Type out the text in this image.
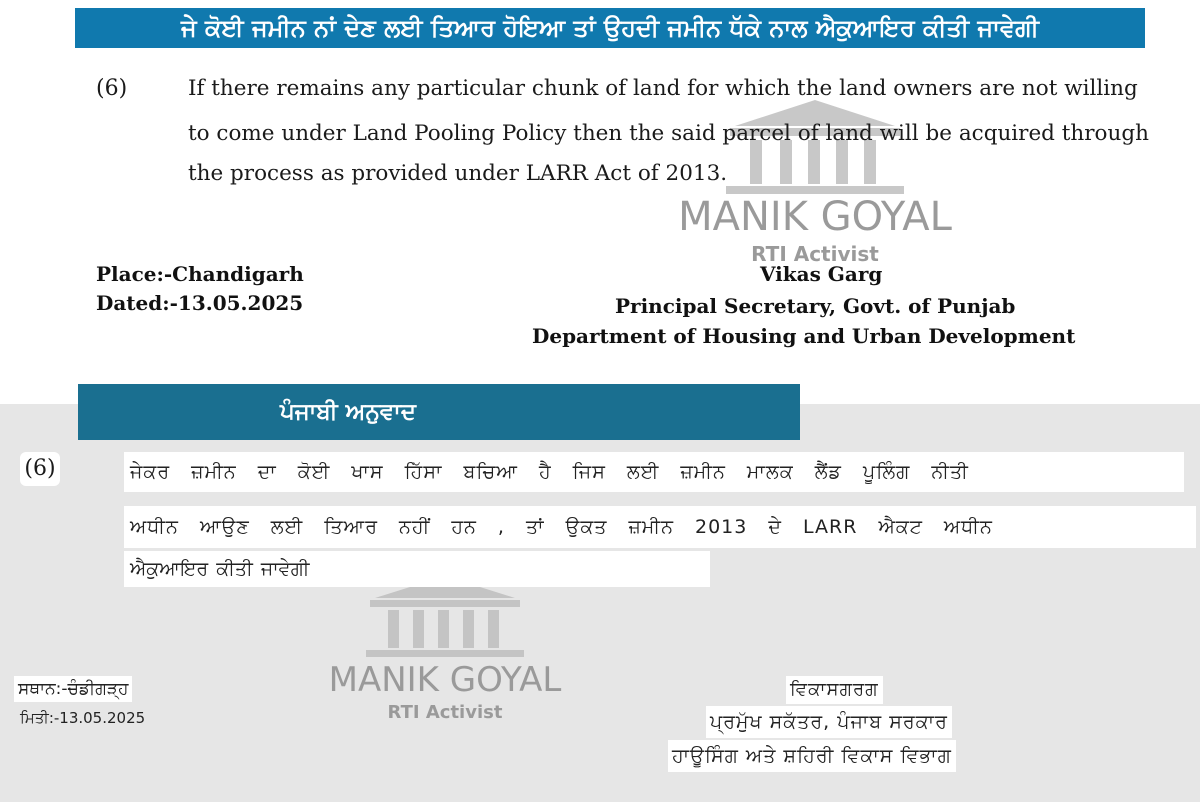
MANIK GOYAL
RTI Activist
MANIK GOYAL
RTI Activist
ਜੇ ਕੋਈ ਜਮੀਨ ਨਾਂ ਦੇਣ ਲਈ ਤਿਆਰ ਹੋਇਆ ਤਾਂ ਉਹਦੀ ਜਮੀਨ ਧੱਕੇ ਨਾਲ ਐਕੁਆਇਰ ਕੀਤੀ ਜਾਵੇਗੀ
(6)	If there remains any particular chunk of land for which the land owners are not willing
to come under Land Pooling Policy then the said parcel of land will be acquired through
the process as provided under LARR Act of 2013.
Place:-Chandigarh
Dated:-13.05.2025
Vikas Garg
Principal Secretary, Govt. of Punjab
Department of Housing and Urban Development
ਪੰਜਾਬੀ ਅਨੁਵਾਦ
(6)	ਜੇਕਰ ਜ਼ਮੀਨ ਦਾ ਕੋਈ ਖਾਸ ਹਿੱਸਾ ਬਚਿਆ ਹੈ ਜਿਸ ਲਈ ਜ਼ਮੀਨ ਮਾਲਕ ਲੈਂਡ ਪੂਲਿੰਗ ਨੀਤੀ
ਅਧੀਨ ਆਉਣ ਲਈ ਤਿਆਰ ਨਹੀਂ ਹਨ , ਤਾਂ ਉਕਤ ਜ਼ਮੀਨ 2013 ਦੇ LARR ਐਕਟ ਅਧੀਨ
ਐਕੁਆਇਰ ਕੀਤੀ ਜਾਵੇਗੀ
ਸਥਾਨ:-ਚੰਡੀਗੜ੍ਹ
ਮਿਤੀ:-13.05.2025
ਵਿਕਾਸਗਰਗ
ਪ੍ਰਮੁੱਖ ਸਕੱਤਰ, ਪੰਜਾਬ ਸਰਕਾਰ
ਹਾਊਸਿੰਗ ਅਤੇ ਸ਼ਹਿਰੀ ਵਿਕਾਸ ਵਿਭਾਗ
